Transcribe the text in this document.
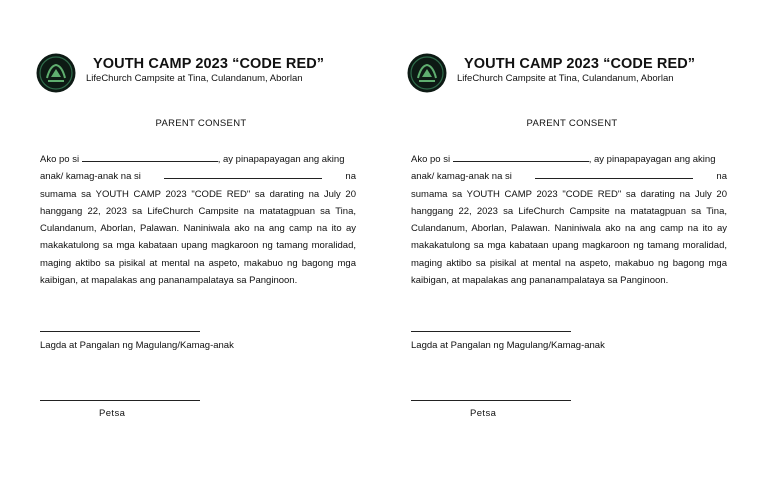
YOUTH CAMP 2023 “CODE RED”
LifeChurch Campsite at Tina, Culandanum, Aborlan
PARENT CONSENT
Ako po si	, ay pinapapayagan ang aking
anak/ kamag-anak na si	na
sumama sa YOUTH CAMP 2023 "CODE RED" sa darating na July 20 hanggang 22, 2023 sa LifeChurch Campsite na matatagpuan sa Tina, Culandanum, Aborlan, Palawan. Naniniwala ako na ang camp na ito ay makakatulong sa mga kabataan upang magkaroon ng tamang moralidad, maging aktibo sa pisikal at mental na aspeto, makabuo ng bagong mga kaibigan, at mapalakas ang pananampalataya sa Panginoon.
Lagda at Pangalan ng Magulang/Kamag-anak
Petsa
YOUTH CAMP 2023 “CODE RED”
LifeChurch Campsite at Tina, Culandanum, Aborlan
PARENT CONSENT
Ako po si	, ay pinapapayagan ang aking
anak/ kamag-anak na si	na
sumama sa YOUTH CAMP 2023 "CODE RED" sa darating na July 20 hanggang 22, 2023 sa LifeChurch Campsite na matatagpuan sa Tina, Culandanum, Aborlan, Palawan. Naniniwala ako na ang camp na ito ay makakatulong sa mga kabataan upang magkaroon ng tamang moralidad, maging aktibo sa pisikal at mental na aspeto, makabuo ng bagong mga kaibigan, at mapalakas ang pananampalataya sa Panginoon.
Lagda at Pangalan ng Magulang/Kamag-anak
Petsa
